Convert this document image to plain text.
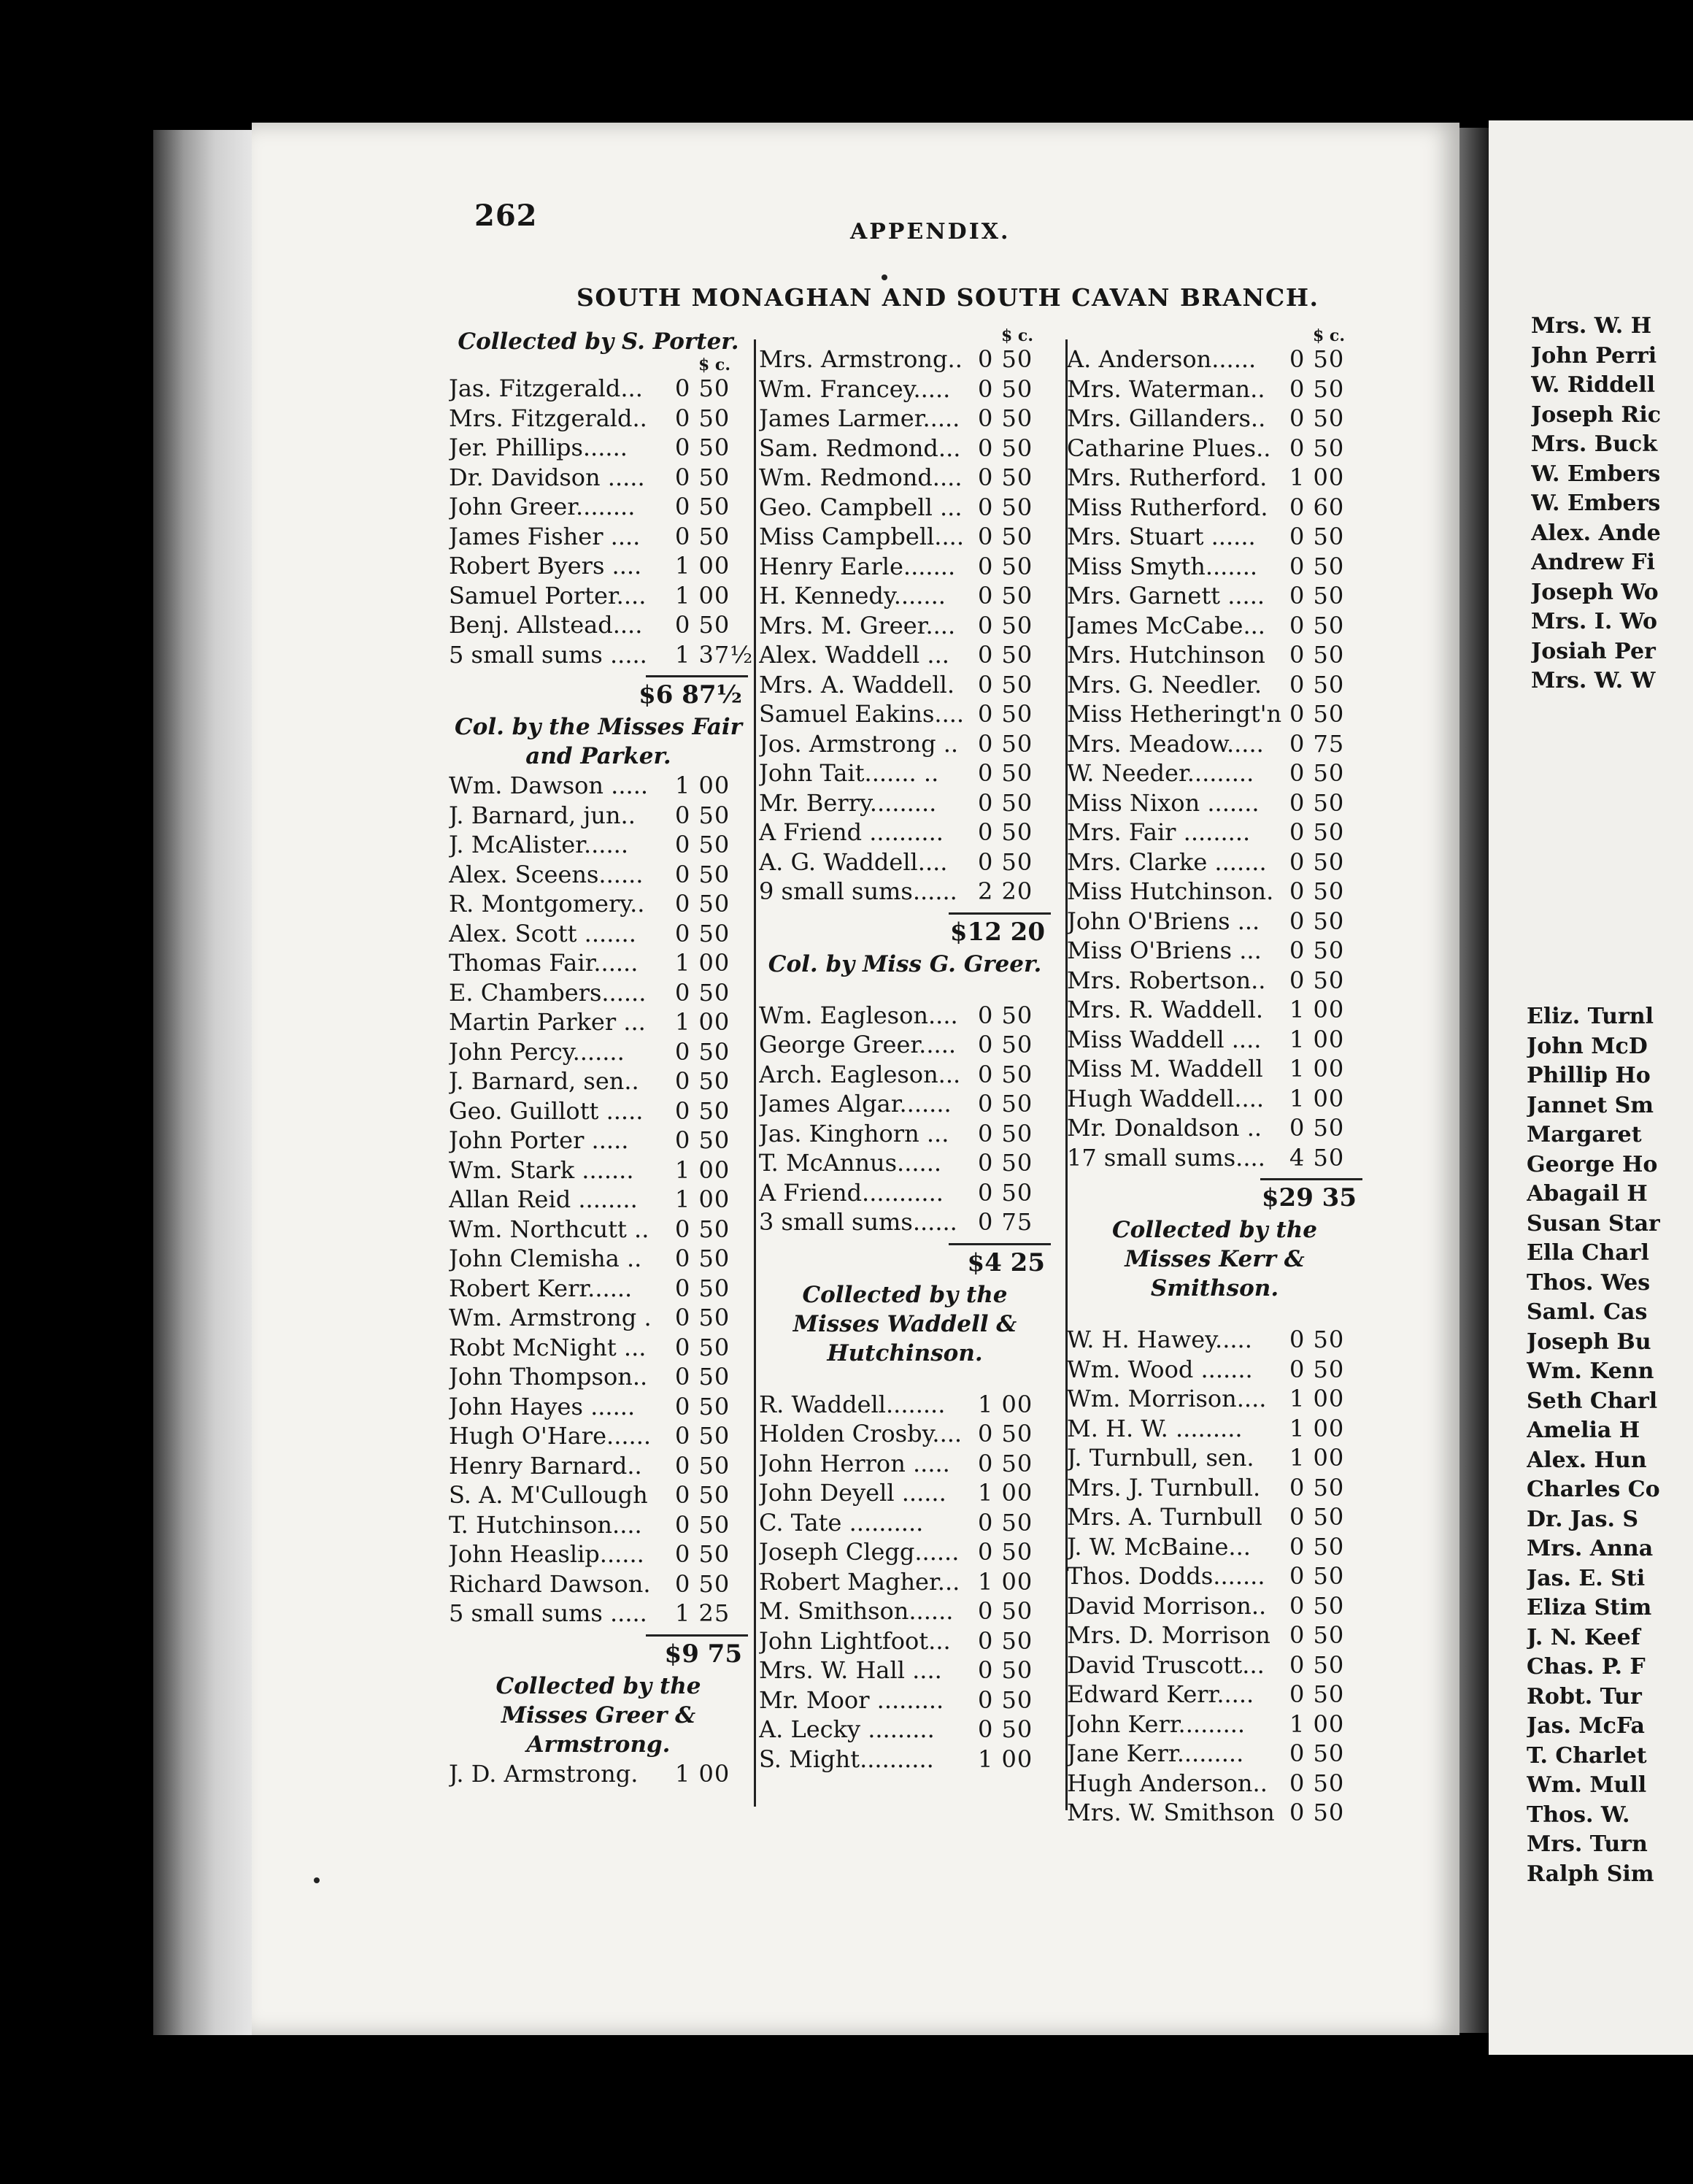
Mrs. W. H
John Perri
W. Riddell
Joseph Ric
Mrs. Buck
W. Embers
W. Embers
Alex. Ande
Andrew Fi
Joseph Wo
Mrs. I. Wo
Josiah Per
Mrs. W. W
Eliz. Turnl
John McD
Phillip Ho
Jannet Sm
Margaret
George Ho
Abagail H
Susan Star
Ella Charl
Thos. Wes
Saml. Cas
Joseph Bu
Wm. Kenn
Seth Charl
Amelia H
Alex. Hun
Charles Co
Dr. Jas. S
Mrs. Anna
Jas. E. Sti
Eliza Stim
J. N. Keef
Chas. P. F
Robt. Tur
Jas. McFa
T. Charlet
Wm. Mull
Thos. W.
Mrs. Turn
Ralph Sim
262	APPENDIX.
SOUTH MONAGHAN AND SOUTH CAVAN BRANCH.
Collected by S. Porter.
$ c.
Jas. Fitzgerald...	0 50
Mrs. Fitzgerald..	0 50
Jer. Phillips......	0 50
Dr. Davidson .....	0 50
John Greer........	0 50
James Fisher ....	0 50
Robert Byers ....	1 00
Samuel Porter....	1 00
Benj. Allstead....	0 50
5 small sums .....	1 37½
$6 87½
Col. by the Misses Fair and Parker.
Wm. Dawson .....	1 00
J. Barnard, jun..	0 50
J. McAlister......	0 50
Alex. Sceens......	0 50
R. Montgomery..	0 50
Alex. Scott .......	0 50
Thomas Fair......	1 00
E. Chambers......	0 50
Martin Parker ...	1 00
John Percy.......	0 50
J. Barnard, sen..	0 50
Geo. Guillott .....	0 50
John Porter .....	0 50
Wm. Stark .......	1 00
Allan Reid ........	1 00
Wm. Northcutt ..	0 50
John Clemisha ..	0 50
Robert Kerr......	0 50
Wm. Armstrong .	0 50
Robt McNight ...	0 50
John Thompson..	0 50
John Hayes ......	0 50
Hugh O'Hare......	0 50
Henry Barnard..	0 50
S. A. M'Cullough	0 50
T. Hutchinson....	0 50
John Heaslip......	0 50
Richard Dawson.	0 50
5 small sums .....	1 25
$9 75
Collected by the Misses Greer & Armstrong.
J. D. Armstrong.	1 00
$ c.
Mrs. Armstrong.. 0 50
Wm. Francey.....	0 50
James Larmer..... 0 50
Sam. Redmond... 0 50
Wm. Redmond.... 0 50
Geo. Campbell ... 0 50
Miss Campbell.... 0 50
Henry Earle....... 0 50
H. Kennedy.......	0 50
Mrs. M. Greer.... 0 50
Alex. Waddell ...	0 50
Mrs. A. Waddell. 0 50
Samuel Eakins.... 0 50
Jos. Armstrong .. 0 50
John Tait....... ..	0 50
Mr. Berry.........	0 50
A Friend ..........	0 50
A. G. Waddell....	0 50
9 small sums...... 2 20
$12 20
Col. by Miss G. Greer.
Wm. Eagleson.... 0 50
George Greer..... 0 50
Arch. Eagleson... 0 50
James Algar.......	0 50
Jas. Kinghorn ...	0 50
T. McAnnus......	0 50
A Friend...........	0 50
3 small sums...... 0 75
$4 25
Collected by the Misses Waddell & Hutchinson.
R. Waddell........	1 00
Holden Crosby.... 0 50
John Herron .....	0 50
John Deyell ......	1 00
C. Tate ..........	0 50
Joseph Clegg...... 0 50
Robert Magher... 1 00
M. Smithson......	0 50
John Lightfoot...	0 50
Mrs. W. Hall ....	0 50
Mr. Moor .........	0 50
A. Lecky .........	0 50
S. Might..........	1 00
$ c.
A. Anderson......	0 50
Mrs. Waterman..	0 50
Mrs. Gillanders..	0 50
Catharine Plues.. 0 50
Mrs. Rutherford. 1 00
Miss Rutherford. 0 60
Mrs. Stuart ......	0 50
Miss Smyth.......	0 50
Mrs. Garnett .....	0 50
James McCabe...	0 50
Mrs. Hutchinson	0 50
Mrs. G. Needler.	0 50
Miss Hetheringt'n 0 50
Mrs. Meadow.....	0 75
W. Needer.........	0 50
Miss Nixon .......	0 50
Mrs. Fair .........	0 50
Mrs. Clarke ....... 0 50
Miss Hutchinson. 0 50
John O'Briens ...	0 50
Miss O'Briens ...	0 50
Mrs. Robertson..	0 50
Mrs. R. Waddell.	1 00
Miss Waddell ....	1 00
Miss M. Waddell	1 00
Hugh Waddell....	1 00
Mr. Donaldson ..	0 50
17 small sums....	4 50
$29 35
Collected by the Misses Kerr & Smithson.
W. H. Hawey.....	0 50
Wm. Wood .......	0 50
Wm. Morrison.... 1 00
M. H. W. .........	1 00
J. Turnbull, sen.	1 00
Mrs. J. Turnbull.	0 50
Mrs. A. Turnbull	0 50
J. W. McBaine...	0 50
Thos. Dodds.......	0 50
David Morrison.. 0 50
Mrs. D. Morrison 0 50
David Truscott...	0 50
Edward Kerr.....	0 50
John Kerr.........	1 00
Jane Kerr.........	0 50
Hugh Anderson.. 0 50
Mrs. W. Smithson 0 50
